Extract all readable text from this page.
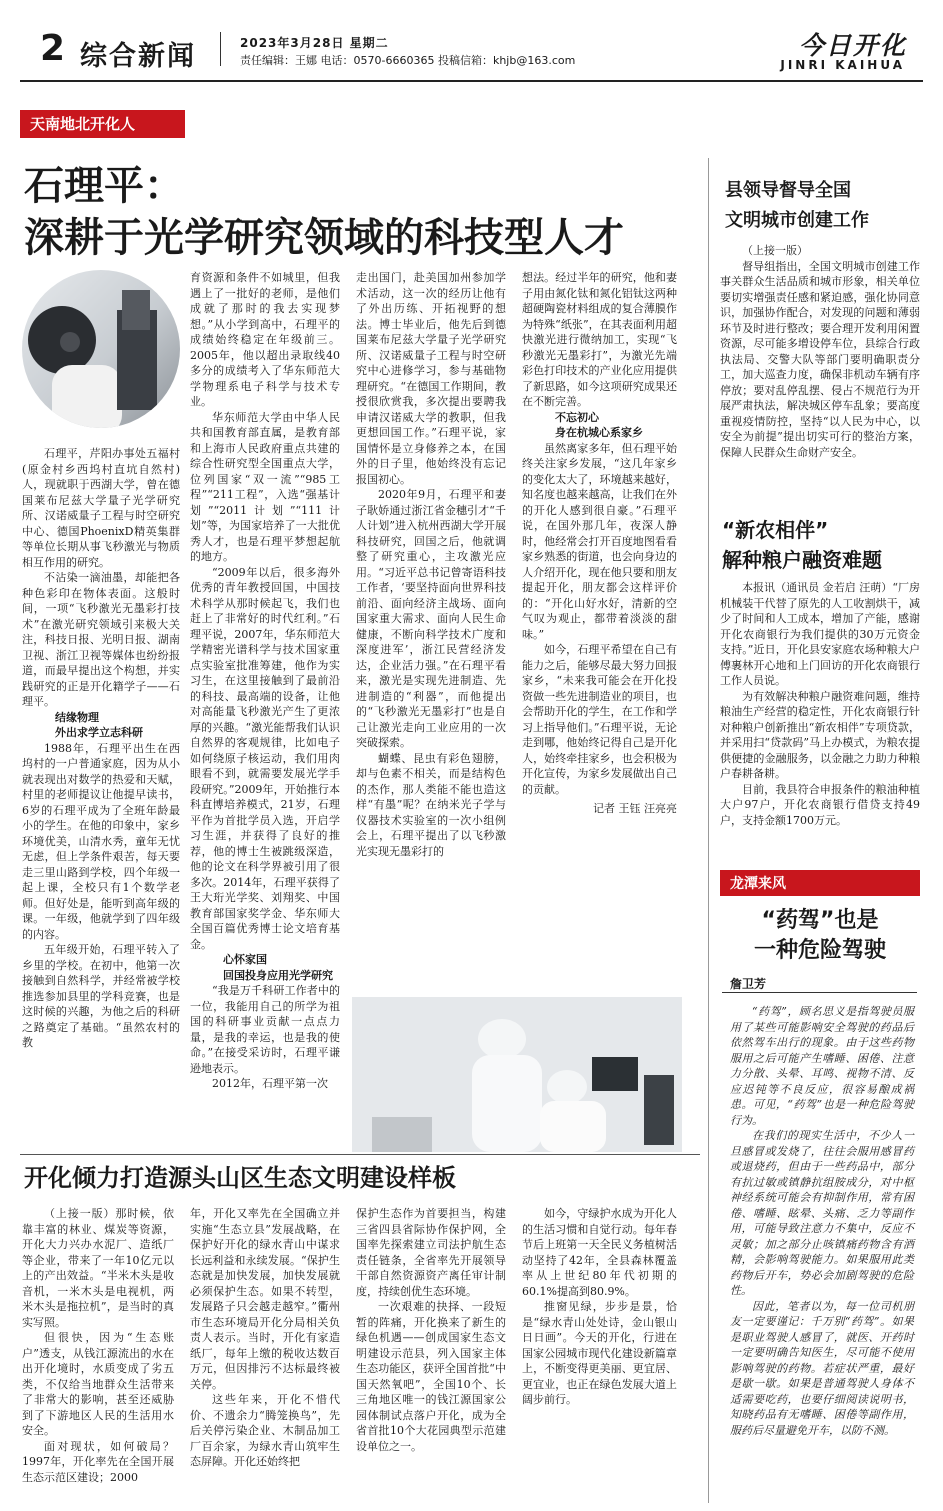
2 综合新闻	2023年3月28日 星期二
责任编辑：王娜 电话：0570-6660365 投稿信箱：khjb@163.com
今日开化
JINRI KAIHUA
天南地北开化人
石理平：
深耕于光学研究领域的科技型人才

石理平，芹阳办事处五福村(原金村乡西坞村直坑自然村)人，现就职于西湖大学，曾在德国莱布尼兹大学量子光学研究所、汉诺威量子工程与时空研究中心、德国PhoenixD精英集群等单位长期从事飞秒激光与物质相互作用的研究。

不沾染一滴油墨，却能把各种色彩印在物体表面。这般时间，一项“飞秒激光无墨彩打技术”在激光研究领域引来极大关注，科技日报、光明日报、湖南卫视、浙江卫视等媒体也纷纷报道，而最早提出这个构想，并实践研究的正是开化籍学子——石理平。

结缘物理

外出求学立志科研

1988年，石理平出生在西坞村的一户普通家庭，因为从小就表现出对数学的热爱和天赋，村里的老师提议让他提早读书，6岁的石理平成为了全班年龄最小的学生。在他的印象中，家乡环境优美，山清水秀，童年无忧无虑，但上学条件艰苦，每天要走三里山路到学校，四个年级一起上课，全校只有1个数学老师。但好处是，能听到高年级的课。一年级，他就学到了四年级的内容。

五年级开始，石理平转入了乡里的学校。在初中，他第一次接触到自然科学，并经常被学校推选参加县里的学科竞赛，也是这时候的兴趣，为他之后的科研之路奠定了基础。“虽然农村的教

育资源和条件不如城里，但我遇上了一批好的老师，是他们成就了那时的我去实现梦想。”从小学到高中，石理平的成绩始终稳定在年级前三。2005年，他以超出录取线40多分的成绩考入了华东师范大学物理系电子科学与技术专业。

华东师范大学由中华人民共和国教育部直属，是教育部和上海市人民政府重点共建的综合性研究型全国重点大学，位列国家“双一流”“985工程”“211工程”，入选“强基计划”“2011计划”“111计划”等，为国家培养了一大批优秀人才，也是石理平梦想起航的地方。

“2009年以后，很多海外优秀的青年教授回国，中国技术科学从那时候起飞，我们也赶上了非常好的时代红利。”石理平说，2007年，华东师范大学精密光谱科学与技术国家重点实验室批准筹建，他作为实习生，在这里接触到了最前沿的科技、最高端的设备，让他对高能量飞秒激光产生了更浓厚的兴趣。“激光能帮我们认识自然界的客观规律，比如电子如何绕原子核运动，我们用肉眼看不到，就需要发展光学手段研究。”2009年，开始推行本科直博培养模式，21岁，石理平作为首批学员入选，开启学习生涯，并获得了良好的推荐，他的博士生被跳级深造，他的论文在科学界被引用了很多次。2014年，石理平获得了王大珩光学奖、刘翔奖、中国教育部国家奖学金、华东师大全国百篇优秀博士论文培育基金。

心怀家国

回国投身应用光学研究

“我是万千科研工作者中的一位，我能用自己的所学为祖国的科研事业贡献一点点力量，是我的幸运，也是我的使命。”在接受采访时，石理平谦逊地表示。

2012年，石理平第一次

走出国门，赴美国加州参加学术活动，这一次的经历让他有了外出历练、开拓视野的想法。博士毕业后，他先后到德国莱布尼兹大学量子光学研究所、汉诺威量子工程与时空研究中心进修学习，参与基础物理研究。“在德国工作期间，教授很欣赏我，多次提出要聘我申请汉诺威大学的教职，但我更想回国工作。”石理平说，家国情怀是立身修养之本，在国外的日子里，他始终没有忘记报国初心。

2020年9月，石理平和妻子耿娇通过浙江省金穗引才“千人计划”进入杭州西湖大学开展科技研究，回国之后，他就调整了研究重心，主攻激光应用。“习近平总书记曾寄语科技工作者，‘要坚持面向世界科技前沿、面向经济主战场、面向国家重大需求、面向人民生命健康，不断向科学技术广度和深度进军’，浙江民营经济发达，企业活力强。”在石理平看来，激光是实现先进制造、先进制造的“利器”，而他提出的“飞秒激光无墨彩打”也是自己让激光走向工业应用的一次突破探索。

蝴蝶、昆虫有彩色翅膀，却与色素不相关，而是结构色的杰作，那人类能不能也造这样“有墨”呢？在纳米光子学与仪器技术实验室的一次小组例会上，石理平提出了以飞秒激光实现无墨彩打的

想法。经过半年的研究，他和妻子用由氮化钛和氮化铝钛这两种超硬陶瓷材料组成的复合薄膜作为特殊“纸张”，在其表面利用超快激光进行微纳加工，实现“飞秒激光无墨彩打”，为激光先端彩色打印技术的产业化应用提供了新思路，如今这项研究成果还在不断完善。

不忘初心

身在杭城心系家乡

虽然离家多年，但石理平始终关注家乡发展，“这几年家乡的变化太大了，环境越来越好，知名度也越来越高，让我们在外的开化人感到很自豪。”石理平说，在国外那几年，夜深人静时，他经常会打开百度地图看看家乡熟悉的街道，也会向身边的人介绍开化，现在他只要和朋友提起开化，朋友都会这样评价的：“开化山好水好，清新的空气叹为观止，都带着淡淡的甜味。”

如今，石理平希望在自己有能力之后，能够尽最大努力回报家乡，“未来我可能会在开化投资做一些先进制造业的项目，也会帮助开化的学生，在工作和学习上指导他们。”石理平说，无论走到哪，他始终记得自己是开化人，始终牵挂家乡，也会积极为开化宣传，为家乡发展做出自己的贡献。

记者 王钰 汪亮亮

县领导督导全国
文明城市创建工作

（上接一版）

督导组指出，全国文明城市创建工作事关群众生活品质和城市形象，相关单位要切实增强责任感和紧迫感，强化协同意识，加强协作配合，对发现的问题和薄弱环节及时进行整改；要合理开发利用闲置资源，尽可能多增设停车位，县综合行政执法局、交警大队等部门要明确职责分工，加大巡查力度，确保非机动车辆有序停放；要对乱停乱摆、侵占不规范行为开展严肃执法，解决城区停车乱象；要高度重视疫情防控，坚持“以人民为中心，以安全为前提”提出切实可行的整治方案，保障人民群众生命财产安全。

“新农相伴”
解种粮户融资难题

本报讯（通讯员 金若启 汪萌）“厂房机械装干代替了原先的人工收割烘干，减少了时间和人工成本，增加了产能，感谢开化农商银行为我们提供的30万元资金支持。”近日，开化县安家庭农场种粮大户傅裹林开心地和上门回访的开化农商银行工作人员说。

为有效解决种粮户融资难问题，维持粮油生产经营的稳定性，开化农商银行针对种粮户创新推出“新农相伴”专项贷款，并采用扫“贷款码”马上办模式，为粮农提供便捷的金融服务，以金融之力助力种粮户春耕备耕。

目前，我县符合申报条件的粮油种植大户97户，开化农商银行借贷支持49户，支持金额1700万元。

龙潭来风
“药驾”也是
一种危险驾驶
詹卫芳

“药驾”，顾名思义是指驾驶员服用了某些可能影响安全驾驶的药品后依然驾车出行的现象。由于这些药物服用之后可能产生嗜睡、困倦、注意力分散、头晕、耳鸣、视物不清、反应迟钝等不良反应，很容易酿成祸患。可见，“药驾”也是一种危险驾驶行为。

在我们的现实生活中，不少人一旦感冒或发烧了，往往会服用感冒药或退烧药，但由于一些药品中，部分有抗过敏或镇静抗组胺成分，对中枢神经系统可能会有抑制作用，常有困倦、嗜睡、眩晕、头痛、乏力等副作用，可能导致注意力不集中，反应不灵敏；加之部分止咳镇痛药物含有酒精，会影响驾驶能力。如果服用此类药物后开车，势必会加剧驾驶的危险性。

因此，笔者以为，每一位司机朋友一定要谨记：千万别“药驾”。如果是职业驾驶人感冒了，就医、开药时一定要明确告知医生，尽可能不使用影响驾驶的药物。若症状严重，最好是歇一歇。如果是普通驾驶人身体不适需要吃药，也要仔细阅读说明书，知晓药品有无嗜睡、困倦等副作用，服药后尽量避免开车，以防不测。

开化倾力打造源头山区生态文明建设样板

（上接一版）那时候，依靠丰富的林业、煤炭等资源，开化大力兴办水泥厂、造纸厂等企业，带来了一年10亿元以上的产出效益。“半米木头是收音机，一米木头是电视机，两米木头是拖拉机”，是当时的真实写照。

但很快，因为“生态账户”透支，从钱江源流出的水在出开化境时，水质变成了劣五类，不仅给当地群众生活带来了非常大的影响，甚至还威胁到了下游地区人民的生活用水安全。

面对现状，如何破局？1997年，开化率先在全国开展生态示范区建设；2000

年，开化又率先在全国确立并实施“生态立县”发展战略，在保护好开化的绿水青山中谋求长远利益和永续发展。“保护生态就是加快发展，加快发展就必须保护生态。如果不转型，发展路子只会越走越窄。”衢州市生态环境局开化分局相关负责人表示。当时，开化有家造纸厂，每年上缴的税收达数百万元，但因排污不达标最终被关停。

这些年来，开化不惜代价、不遗余力“腾笼换鸟”，先后关停污染企业、木制品加工厂百余家，为绿水青山筑牢生态屏障。开化还始终把

保护生态作为首要担当，构建三省四县省际协作保护网，全国率先探索建立司法护航生态责任链条，全省率先开展领导干部自然资源资产离任审计制度，持续创优生态环境。

一次艰难的抉择、一段短暂的阵痛，开化换来了新生的绿色机遇——创成国家生态文明建设示范县，列入国家主体生态功能区，获评全国首批“中国天然氧吧”，全国10个、长三角地区唯一的钱江源国家公园体制试点落户开化，成为全省首批10个大花园典型示范建设单位之一。

如今，守绿护水成为开化人的生活习惯和自觉行动。每年春节后上班第一天全民义务植树活动坚持了42年，全县森林覆盖率从上世纪80年代初期的60.1%提高到80.9%。

推窗见绿，步步是景，恰是“绿水青山处处诗，金山银山日日画”。今天的开化，行进在国家公园城市现代化建设新篇章上，不断变得更美丽、更宜居、更宜业，也正在绿色发展大道上阔步前行。
